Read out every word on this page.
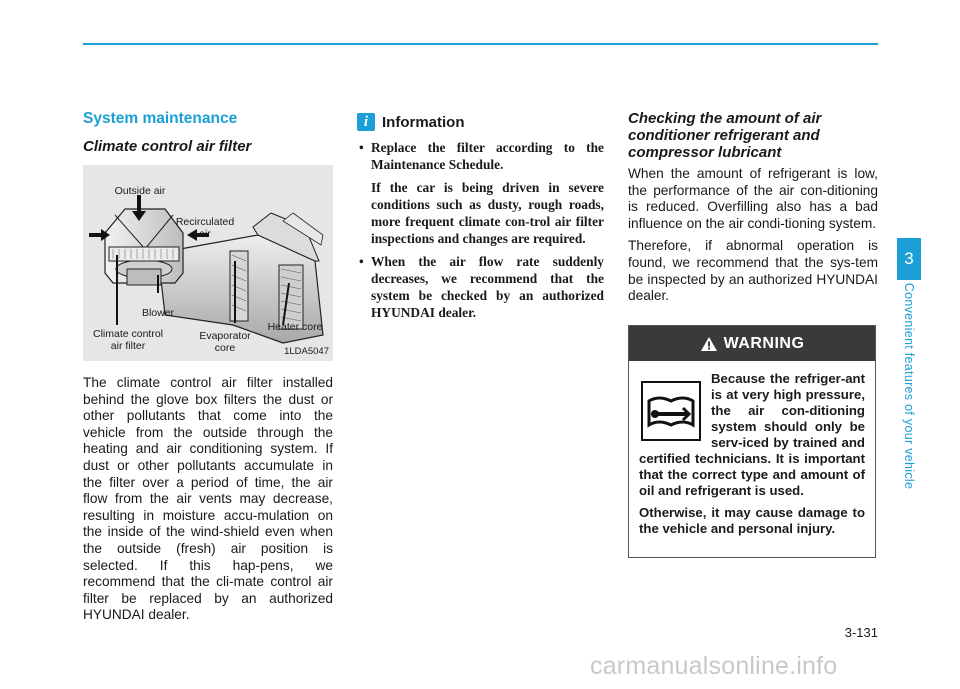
System maintenance
Climate control air filter
Outside air
Recirculated
air
Blower
Climate control
air filter
Evaporator
core
Heater core
1LDA5047

The climate control air filter installed behind the glove box filters the dust or other pollutants that come into the vehicle from the outside through the heating and air conditioning system. If dust or other pollutants accumulate in the filter over a period of time, the air flow from the air vents may decrease, resulting in moisture accu-mulation on the inside of the wind-shield even when the outside (fresh) air position is selected. If this hap-pens, we recommend that the cli-mate control air filter be replaced by an authorized HYUNDAI dealer.

i Information

• Replace the filter according to the Maintenance Schedule.

If the car is being driven in severe conditions such as dusty, rough roads, more frequent climate con-trol air filter inspections and changes are required.

• When the air flow rate suddenly decreases, we recommend that the system be checked by an authorized HYUNDAI dealer.

Checking the amount of air conditioner refrigerant and compressor lubricant

When the amount of refrigerant is low, the performance of the air con-ditioning is reduced. Overfilling also has a bad influence on the air condi-tioning system.

Therefore, if abnormal operation is found, we recommend that the sys-tem be inspected by an authorized HYUNDAI dealer.

WARNING

Because the refriger-ant is at very high pressure, the air con-ditioning system should only be serv-iced by trained and certified technicians. It is important that the correct type and amount of oil and refrigerant is used.

Otherwise, it may cause damage to the vehicle and personal injury.

3
Convenient features of your vehicle
3-131
carmanualsonline.info
